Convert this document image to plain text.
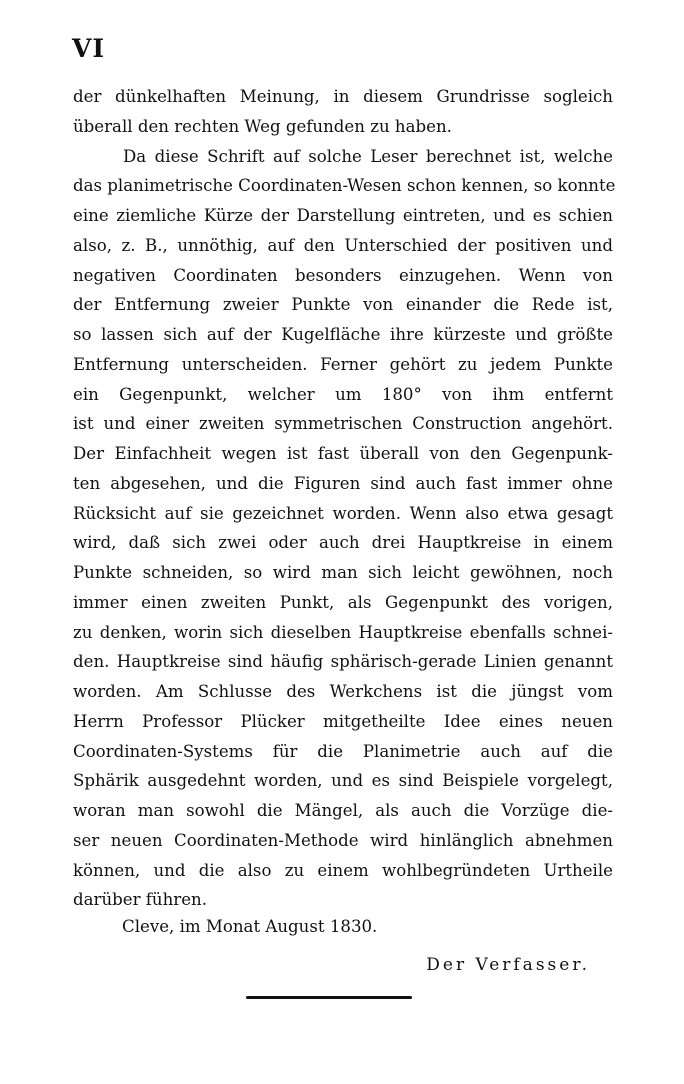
VI
der dünkelhaften Meinung, in diesem Grundrisse sogleich
überall den rechten Weg gefunden zu haben.
Da diese Schrift auf solche Leser berechnet ist, welche
das planimetrische Coordinaten-Wesen schon kennen, so konnte
eine ziemliche Kürze der Darstellung eintreten, und es schien
also, z. B., unnöthig, auf den Unterschied der positiven und
negativen Coordinaten besonders einzugehen. Wenn von
der Entfernung zweier Punkte von einander die Rede ist,
so lassen sich auf der Kugelfläche ihre kürzeste und größte
Entfernung unterscheiden. Ferner gehört zu jedem Punkte
ein Gegenpunkt, welcher um 180° von ihm entfernt
ist und einer zweiten symmetrischen Construction angehört.
Der Einfachheit wegen ist fast überall von den Gegenpunk-
ten abgesehen, und die Figuren sind auch fast immer ohne
Rücksicht auf sie gezeichnet worden. Wenn also etwa gesagt
wird, daß sich zwei oder auch drei Hauptkreise in einem
Punkte schneiden, so wird man sich leicht gewöhnen, noch
immer einen zweiten Punkt, als Gegenpunkt des vorigen,
zu denken, worin sich dieselben Hauptkreise ebenfalls schnei-
den. Hauptkreise sind häufig sphärisch-gerade Linien genannt
worden. Am Schlusse des Werkchens ist die jüngst vom
Herrn Professor Plücker mitgetheilte Idee eines neuen
Coordinaten-Systems für die Planimetrie auch auf die
Sphärik ausgedehnt worden, und es sind Beispiele vorgelegt,
woran man sowohl die Mängel, als auch die Vorzüge die-
ser neuen Coordinaten-Methode wird hinlänglich abnehmen
können, und die also zu einem wohlbegründeten Urtheile
darüber führen.
Cleve, im Monat August 1830.
Der Verfasser.
